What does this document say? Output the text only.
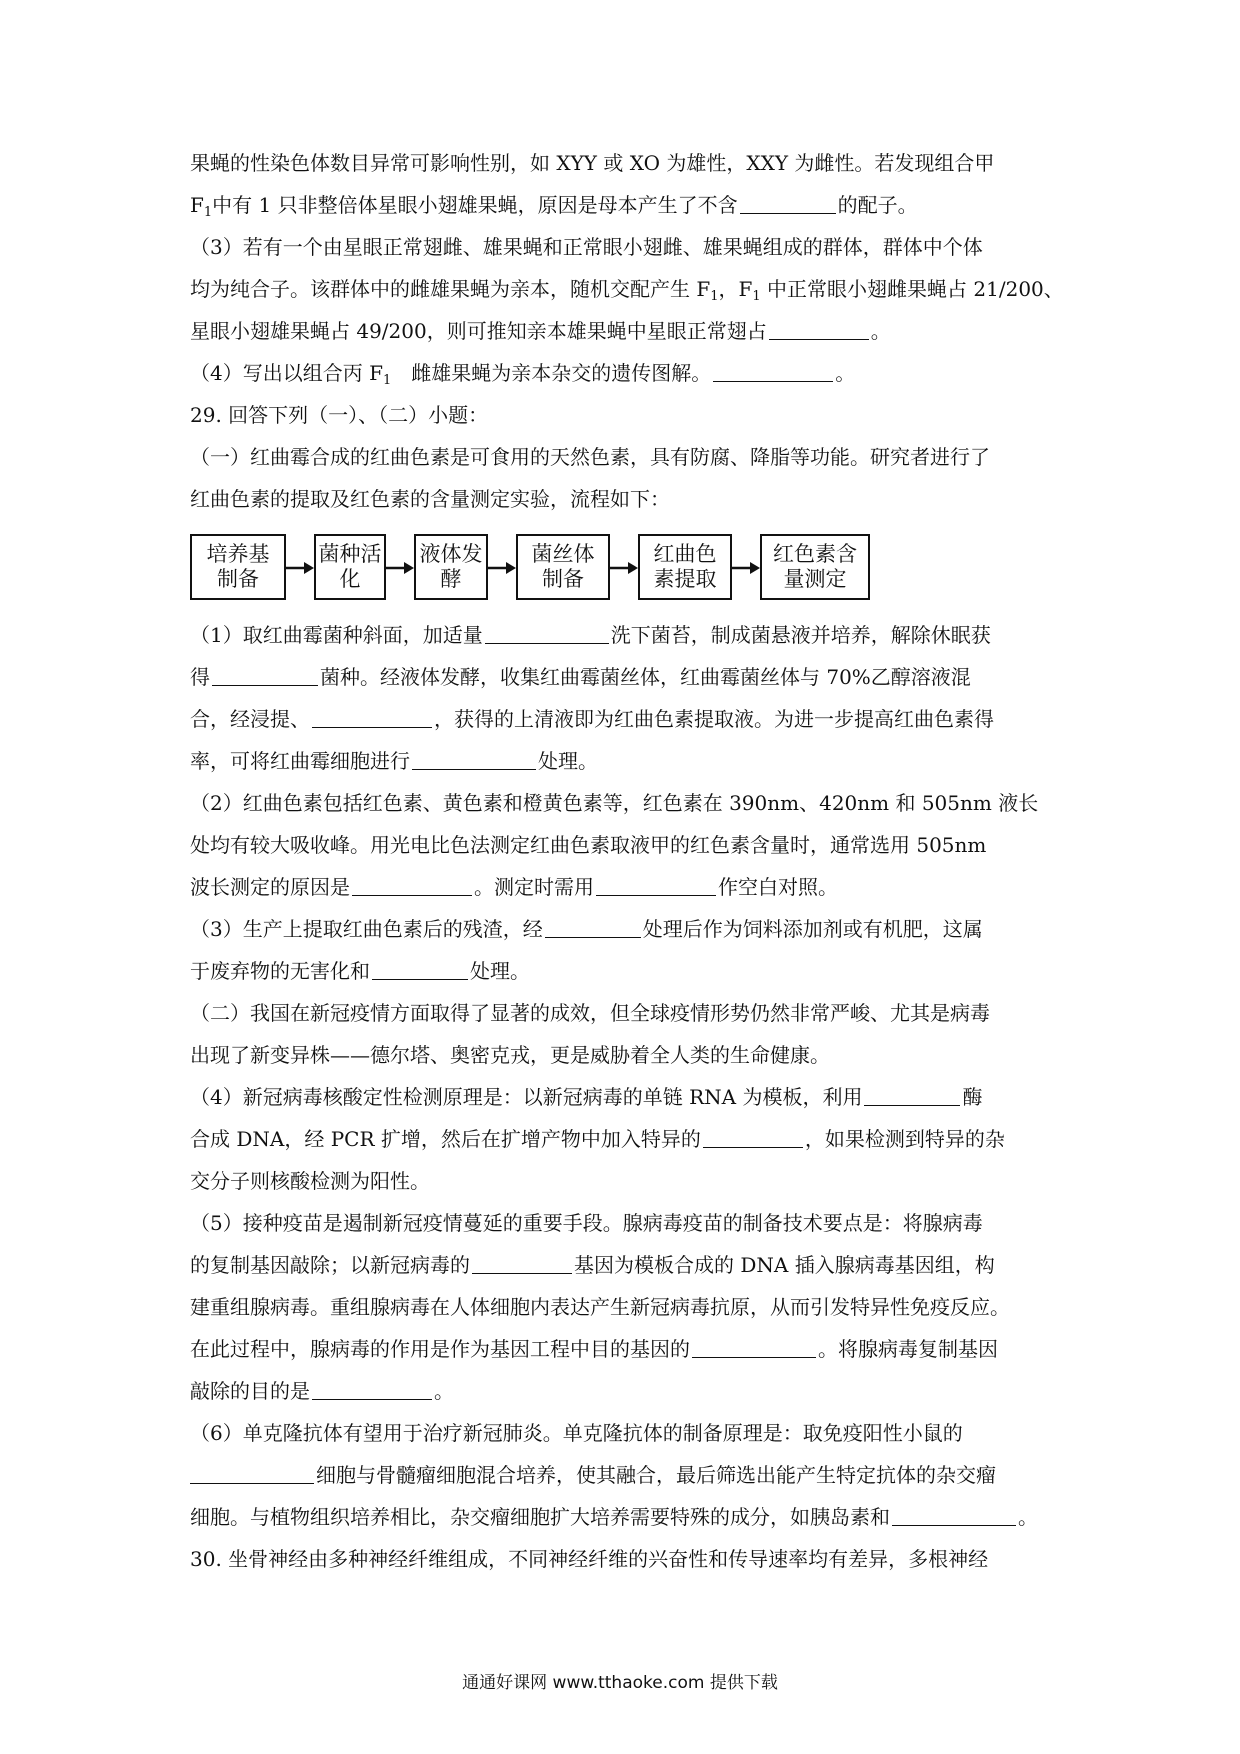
果蝇的性染色体数目异常可影响性别，如 XYY 或 XO 为雄性，XXY 为雌性。若发现组合甲
$F_1$中有 1 只非整倍体星眼小翅雄果蝇，原因是母本产生了不含	的配子。
（3）若有一个由星眼正常翅雌、雄果蝇和正常眼小翅雌、雄果蝇组成的群体，群体中个体
均为纯合子。该群体中的雌雄果蝇为亲本，随机交配产生 $F_1$，$F_1$ 中正常眼小翅雌果蝇占 21/200、
星眼小翅雄果蝇占 49/200，则可推知亲本雄果蝇中星眼正常翅占	。
（4）写出以组合丙 $F_1$　雌雄果蝇为亲本杂交的遗传图解。	。
29. 回答下列（一）、（二）小题：
（一）红曲霉合成的红曲色素是可食用的天然色素，具有防腐、降脂等功能。研究者进行了
红曲色素的提取及红色素的含量测定实验，流程如下：
培养基制备
菌种活化
液体发酵
菌丝体制备
红曲色素提取
红色素含量测定
（1）取红曲霉菌种斜面，加适量	洗下菌苔，制成菌悬液并培养，解除休眠获
得	菌种。经液体发酵，收集红曲霉菌丝体，红曲霉菌丝体与 70%乙醇溶液混
合，经浸提、	，获得的上清液即为红曲色素提取液。为进一步提高红曲色素得
率，可将红曲霉细胞进行	处理。
（2）红曲色素包括红色素、黄色素和橙黄色素等，红色素在 390nm、420nm 和 505nm 液长
处均有较大吸收峰。用光电比色法测定红曲色素取液甲的红色素含量时，通常选用 505nm
波长测定的原因是	。测定时需用	作空白对照。
（3）生产上提取红曲色素后的残渣，经	处理后作为饲料添加剂或有机肥，这属
于废弃物的无害化和	处理。
（二）我国在新冠疫情方面取得了显著的成效，但全球疫情形势仍然非常严峻、尤其是病毒
出现了新变异株——德尔塔、奥密克戎，更是威胁着全人类的生命健康。
（4）新冠病毒核酸定性检测原理是：以新冠病毒的单链 RNA 为模板，利用	酶
合成 DNA，经 PCR 扩增，然后在扩增产物中加入特异的	，如果检测到特异的杂
交分子则核酸检测为阳性。
（5）接种疫苗是遏制新冠疫情蔓延的重要手段。腺病毒疫苗的制备技术要点是：将腺病毒
的复制基因敲除；以新冠病毒的	基因为模板合成的 DNA 插入腺病毒基因组，构
建重组腺病毒。重组腺病毒在人体细胞内表达产生新冠病毒抗原，从而引发特异性免疫反应。
在此过程中，腺病毒的作用是作为基因工程中目的基因的	。将腺病毒复制基因
敲除的目的是	。
（6）单克隆抗体有望用于治疗新冠肺炎。单克隆抗体的制备原理是：取免疫阳性小鼠的
细胞与骨髓瘤细胞混合培养，使其融合，最后筛选出能产生特定抗体的杂交瘤
细胞。与植物组织培养相比，杂交瘤细胞扩大培养需要特殊的成分，如胰岛素和	。
30. 坐骨神经由多种神经纤维组成，不同神经纤维的兴奋性和传导速率均有差异，多根神经
通通好课网 www.tthaoke.com 提供下载
